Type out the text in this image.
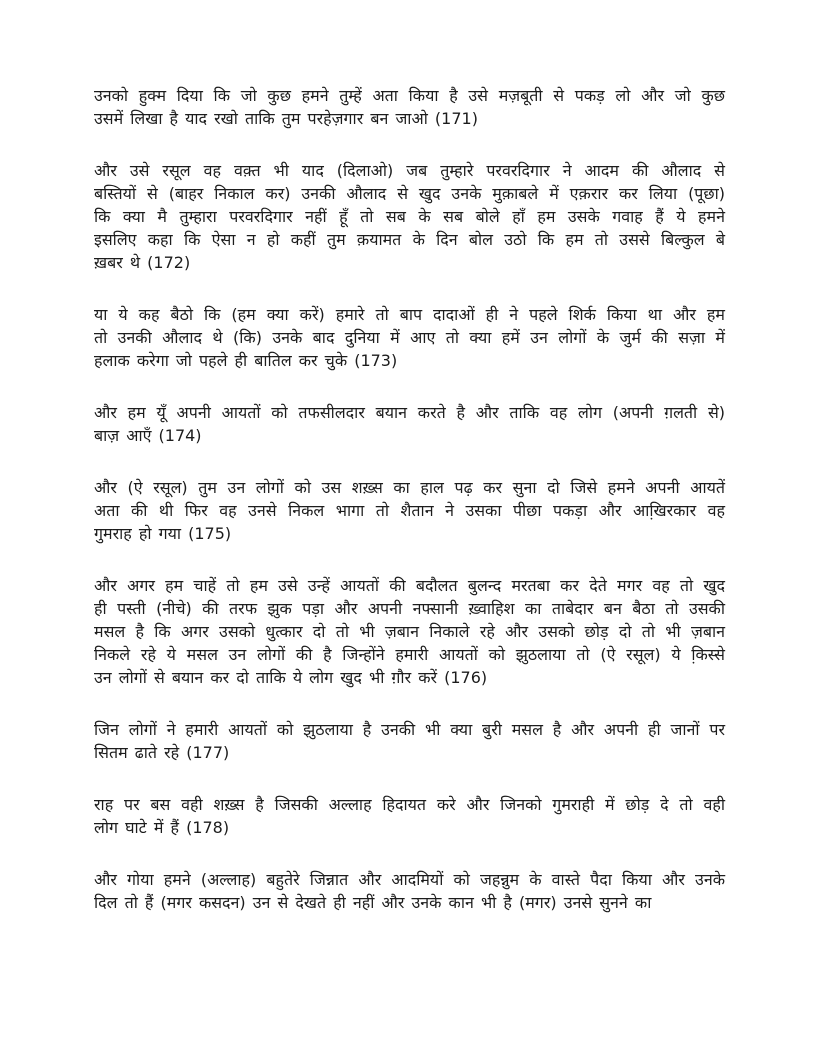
उनको हुक्म दिया कि जो कुछ हमने तुम्हें अता किया है उसे मज़बूती से पकड़ लो और जो कुछ
उसमें लिखा है याद रखो ताकि तुम परहेज़गार बन जाओ (171)
और उसे रसूल वह वक़्त भी याद (दिलाओ) जब तुम्हारे परवरदिगार ने आदम की औलाद से
बस्तियों से (बाहर निकाल कर) उनकी औलाद से खुद उनके मुक़ाबले में एक़रार कर लिया (पूछा)
कि क्या मै तुम्हारा परवरदिगार नहीं हूँ तो सब के सब बोले हाँ हम उसके गवाह हैं ये हमने
इसलिए कहा कि ऐसा न हो कहीं तुम क़यामत के दिन बोल उठो कि हम तो उससे बिल्कुल बे
ख़बर थे (172)
या ये कह बैठो कि (हम क्या करें) हमारे तो बाप दादाओं ही ने पहले शिर्क किया था और हम
तो उनकी औलाद थे (कि) उनके बाद दुनिया में आए तो क्या हमें उन लोगों के जुर्म की सज़ा में
हलाक करेगा जो पहले ही बातिल कर चुके (173)
और हम यूँ अपनी आयतों को तफसीलदार बयान करते है और ताकि वह लोग (अपनी ग़लती से)
बाज़ आएँ (174)
और (ऐ रसूल) तुम उन लोगों को उस शख़्स का हाल पढ़ कर सुना दो जिसे हमने अपनी आयतें
अता की थी फिर वह उनसे निकल भागा तो शैतान ने उसका पीछा पकड़ा और आखि़रकार वह
गुमराह हो गया (175)
और अगर हम चाहें तो हम उसे उन्हें आयतों की बदौलत बुलन्द मरतबा कर देते मगर वह तो खुद
ही पस्ती (नीचे) की तरफ झुक पड़ा और अपनी नफ्सानी ख़्वाहिश का ताबेदार बन बैठा तो उसकी
मसल है कि अगर उसको धुत्कार दो तो भी ज़बान निकाले रहे और उसको छोड़ दो तो भी ज़बान
निकले रहे ये मसल उन लोगों की है जिन्होंने हमारी आयतों को झुठलाया तो (ऐ रसूल) ये कि़स्से
उन लोगों से बयान कर दो ताकि ये लोग खुद भी ग़ौर करें (176)
जिन लोगों ने हमारी आयतों को झुठलाया है उनकी भी क्या बुरी मसल है और अपनी ही जानों पर
सितम ढाते रहे (177)
राह पर बस वही शख़्स है जिसकी अल्लाह हिदायत करे और जिनको गुमराही में छोड़ दे तो वही
लोग घाटे में हैं (178)
और गोया हमने (अल्लाह) बहुतेरे जिन्नात और आदमियों को जहन्नुम के वास्ते पैदा किया और उनके
दिल तो हैं (मगर कसदन) उन से देखते ही नहीं और उनके कान भी है (मगर) उनसे सुनने का
